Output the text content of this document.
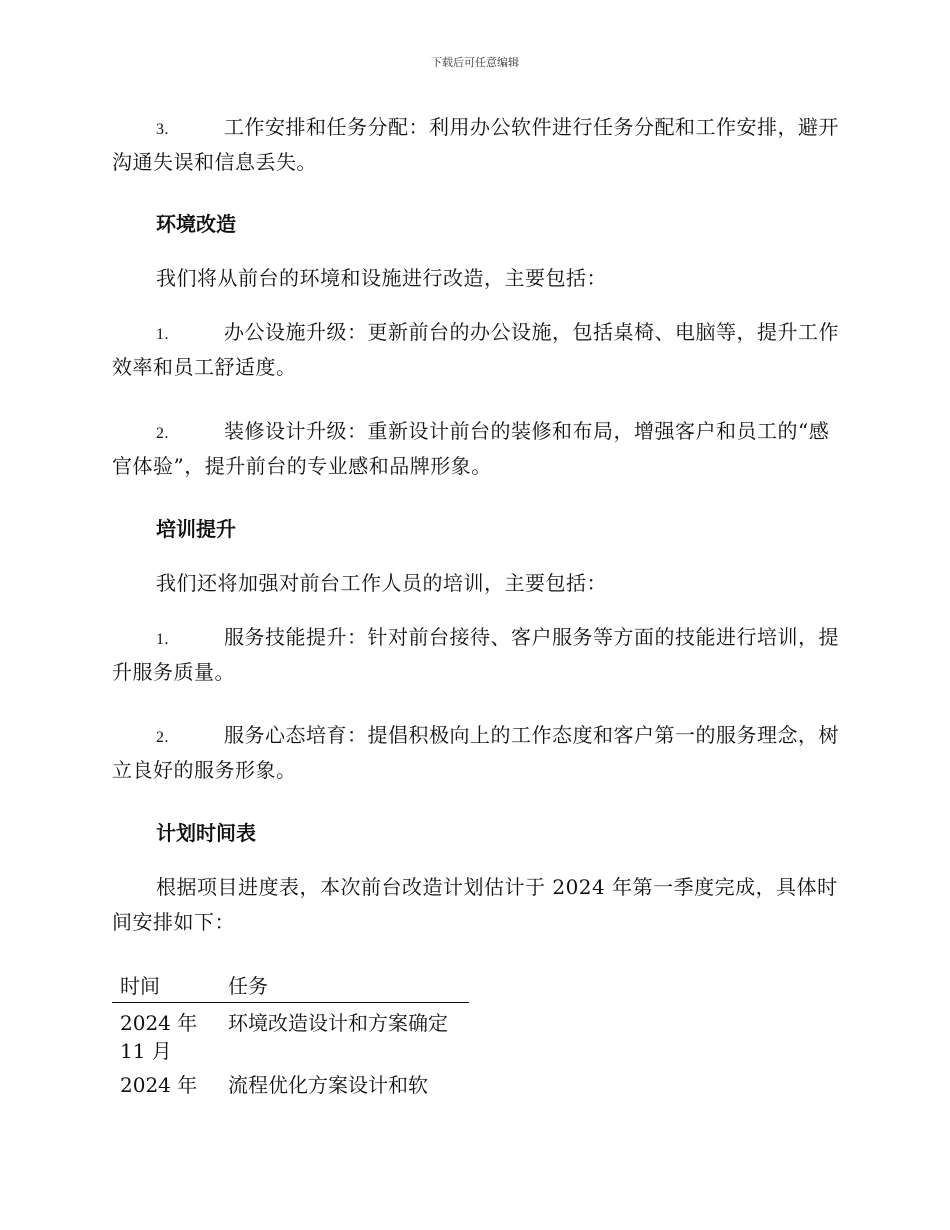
下载后可任意编辑
3.	工作安排和任务分配：利用办公软件进行任务分配和工作安排，避开沟通失误和信息丢失。
环境改造
我们将从前台的环境和设施进行改造，主要包括：
1.	办公设施升级：更新前台的办公设施，包括桌椅、电脑等，提升工作效率和员工舒适度。
2.	装修设计升级：重新设计前台的装修和布局，增强客户和员工的“感官体验”，提升前台的专业感和品牌形象。
培训提升
我们还将加强对前台工作人员的培训，主要包括：
1.	服务技能提升：针对前台接待、客户服务等方面的技能进行培训，提升服务质量。
2.	服务心态培育：提倡积极向上的工作态度和客户第一的服务理念，树立良好的服务形象。
计划时间表
根据项目进度表，本次前台改造计划估计于 2024 年第一季度完成，具体时间安排如下：
时间	任务
2024 年 11 月	环境改造设计和方案确定
2024 年	流程优化方案设计和软
